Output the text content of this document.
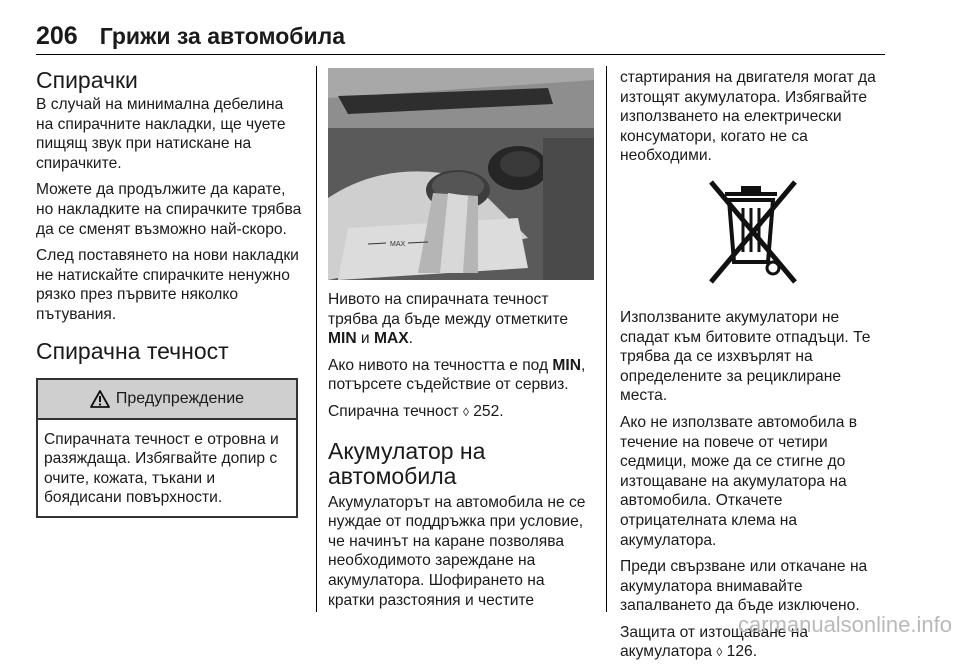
206 Грижи за автомобила
Спирачки

В случай на минимална дебелина на спирачните накладки, ще чуете пищящ звук при натискане на спирачките.

Можете да продължите да карате, но накладките на спирачките трябва да се сменят възможно най-скоро.

След поставянето на нови накладки не натискайте спирачките ненужно рязко през първите няколко пътувания.

Спирачна течност
Предупреждение
Спирачната течност е отровна и разяждаща. Избягвайте допир с очите, кожата, тъкани и боядисани повърхности.
MAX

Нивото на спирачната течност трябва да бъде между отметките MIN и MAX.

Ако нивото на течността е под MIN, потърсете съдействие от сервиз.

Спирачна течност ◊ 252.

Акумулатор на автомобила

Акумулаторът на автомобила не се нуждае от поддръжка при условие, че начинът на каране позволява необходимото зареждане на акумулатора. Шофирането на кратки разстояния и честите

стартирания на двигателя могат да изтощят акумулатора. Избягвайте използването на електрически консуматори, когато не са необходими.

Използваните акумулатори не спадат към битовите отпадъци. Те трябва да се изхвърлят на определените за рециклиране места.

Ако не използвате автомобила в течение на повече от четири седмици, може да се стигне до изтощаване на акумулатора на автомобила. Откачете отрицателната клема на акумулатора.

Преди свързване или откачане на акумулатора внимавайте запалването да бъде изключено.

Защита от изтощаване на акумулатора ◊ 126.

carmanualsonline.info
